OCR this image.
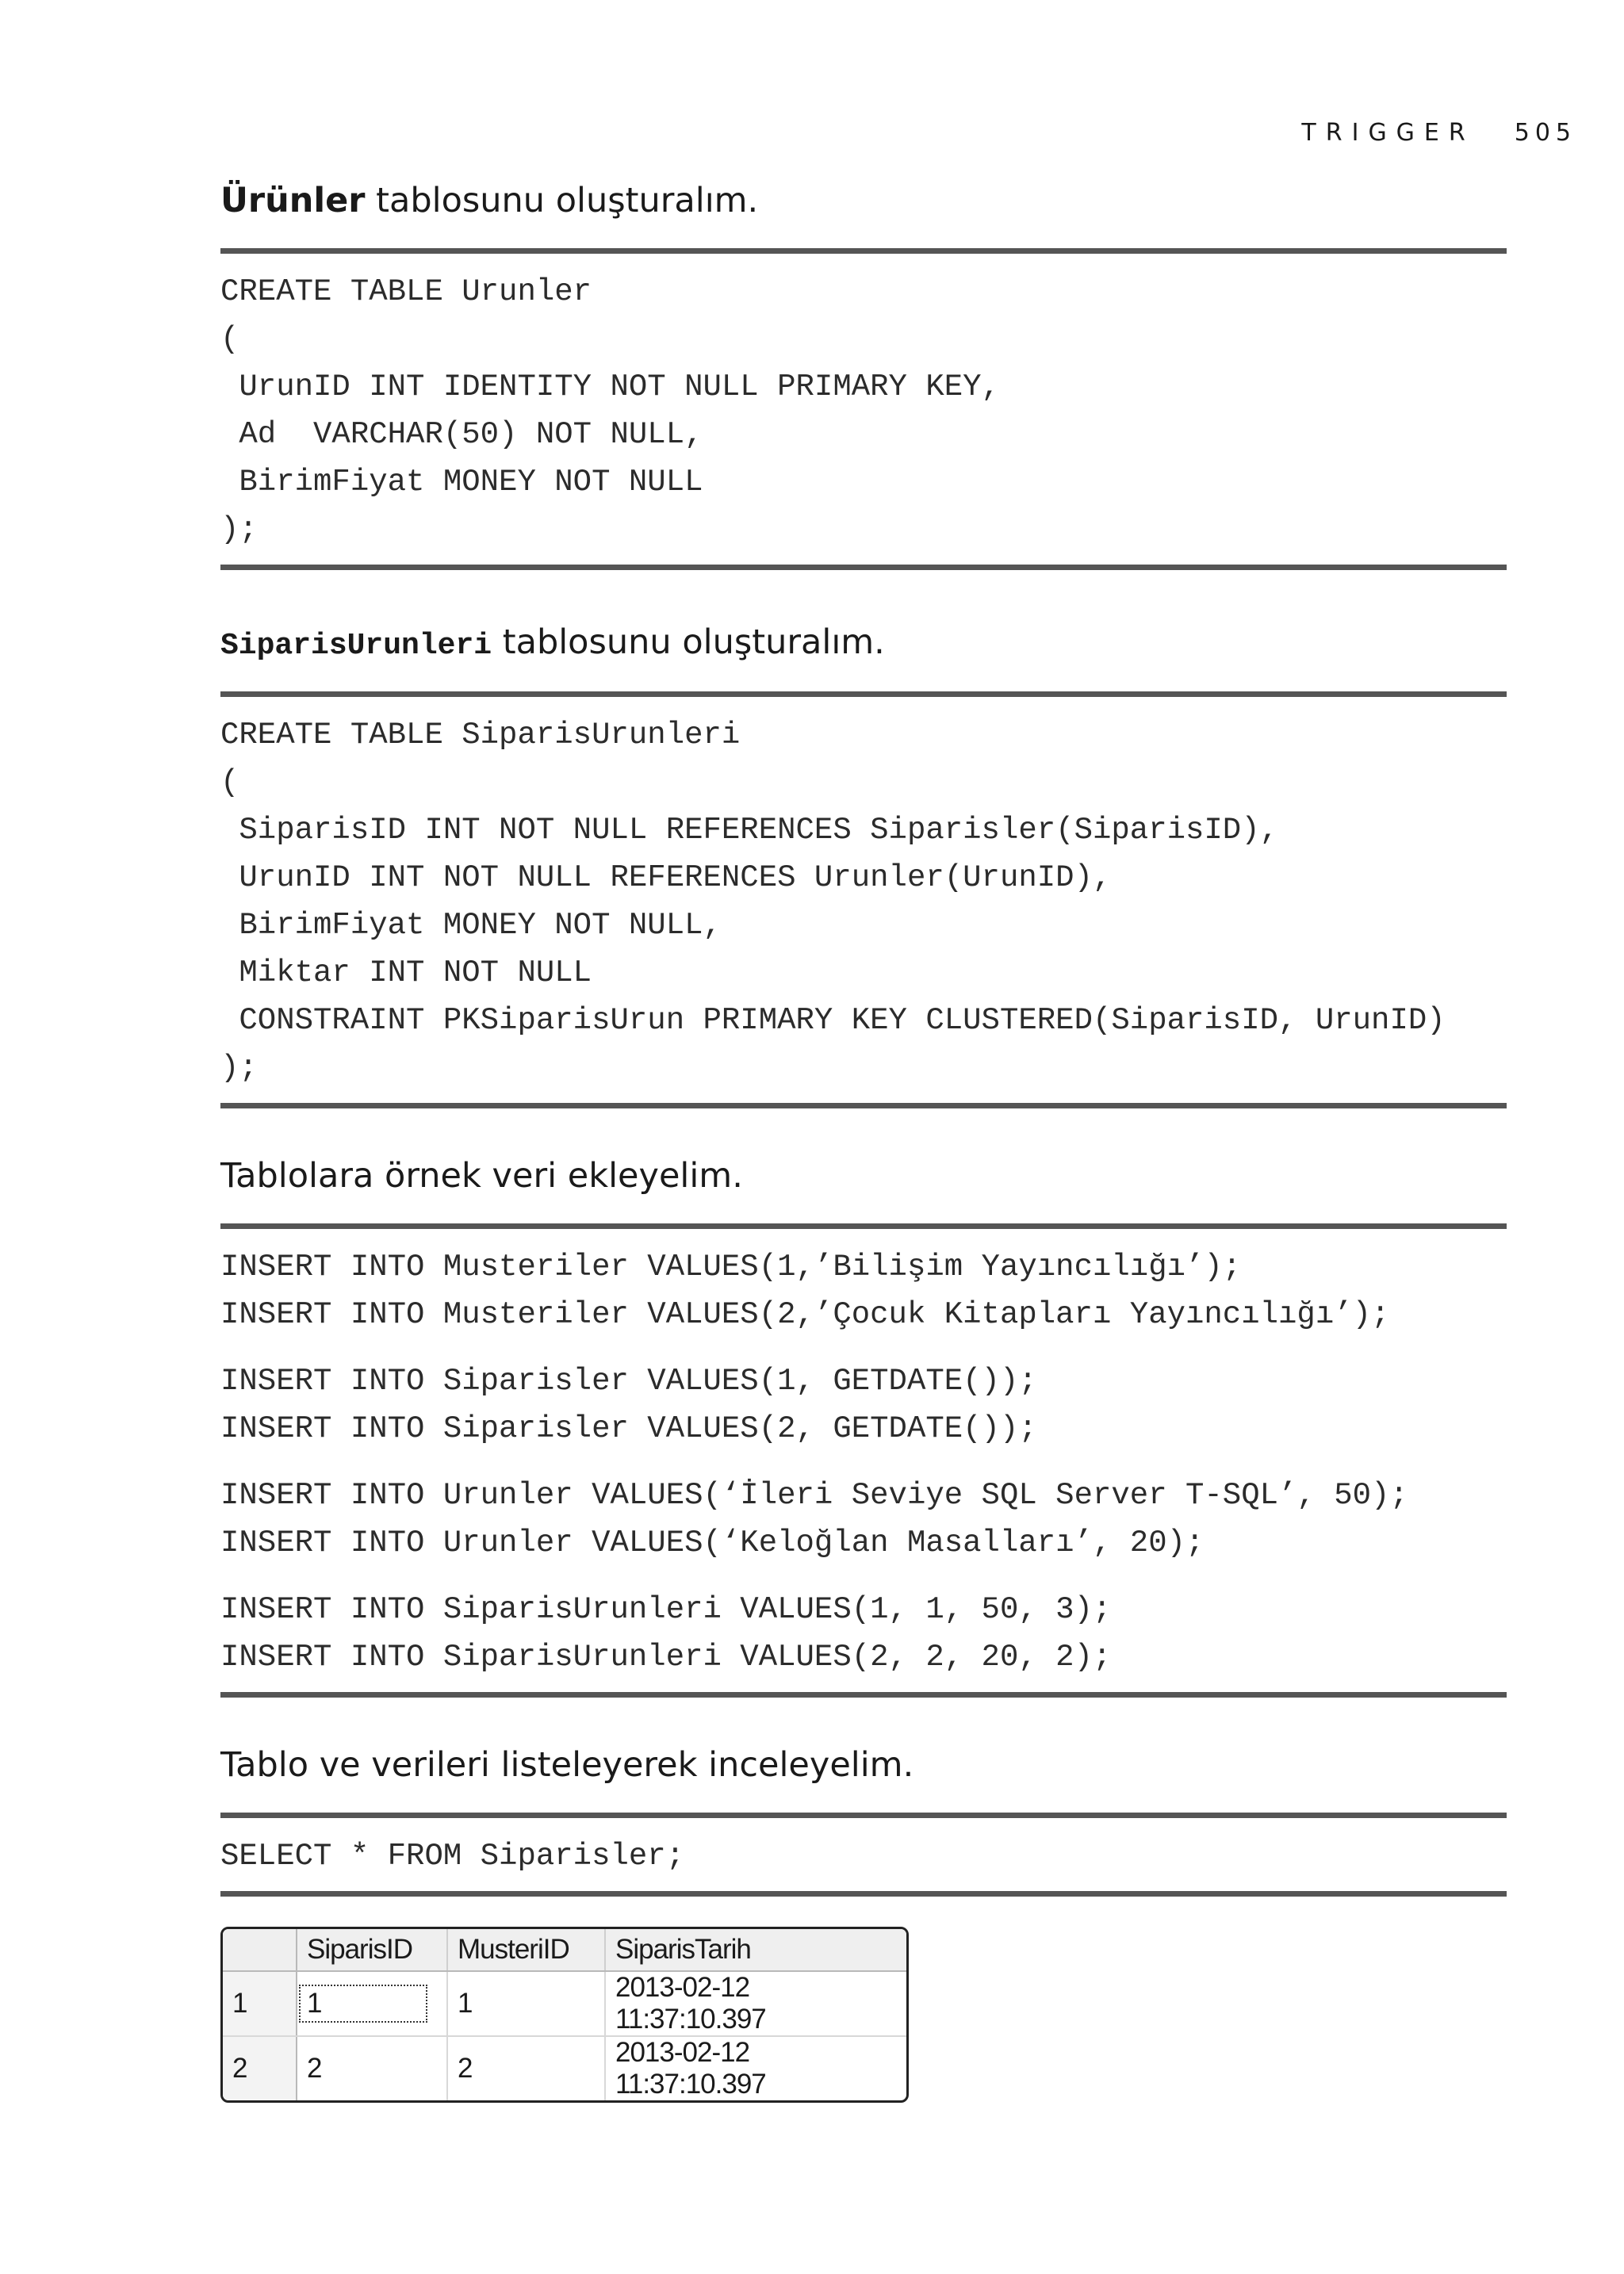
TRIGGER 505
Ürünler tablosunu oluşturalım.
CREATE TABLE Urunler
(
UrunID INT IDENTITY NOT NULL PRIMARY KEY,
Ad  VARCHAR(50) NOT NULL,
BirimFiyat MONEY NOT NULL
);
SiparisUrunleri tablosunu oluşturalım.
CREATE TABLE SiparisUrunleri
(
SiparisID INT NOT NULL REFERENCES Siparisler(SiparisID),
UrunID INT NOT NULL REFERENCES Urunler(UrunID),
BirimFiyat MONEY NOT NULL,
Miktar INT NOT NULL
CONSTRAINT PKSiparisUrun PRIMARY KEY CLUSTERED(SiparisID, UrunID)
);
Tablolara örnek veri ekleyelim.
INSERT INTO Musteriler VALUES(1,’Bilişim Yayıncılığı’);
INSERT INTO Musteriler VALUES(2,’Çocuk Kitapları Yayıncılığı’);
INSERT INTO Siparisler VALUES(1, GETDATE());
INSERT INTO Siparisler VALUES(2, GETDATE());
INSERT INTO Urunler VALUES(‘İleri Seviye SQL Server T-SQL’, 50);
INSERT INTO Urunler VALUES(‘Keloğlan Masalları’, 20);
INSERT INTO SiparisUrunleri VALUES(1, 1, 50, 3);
INSERT INTO SiparisUrunleri VALUES(2, 2, 20, 2);
Tablo ve verileri listeleyerek inceleyelim.
SELECT * FROM Siparisler;
	SiparisID	MusteriID	SiparisTarih
1	1	1	2013-02-12 11:37:10.397
2	2	2	2013-02-12 11:37:10.397
